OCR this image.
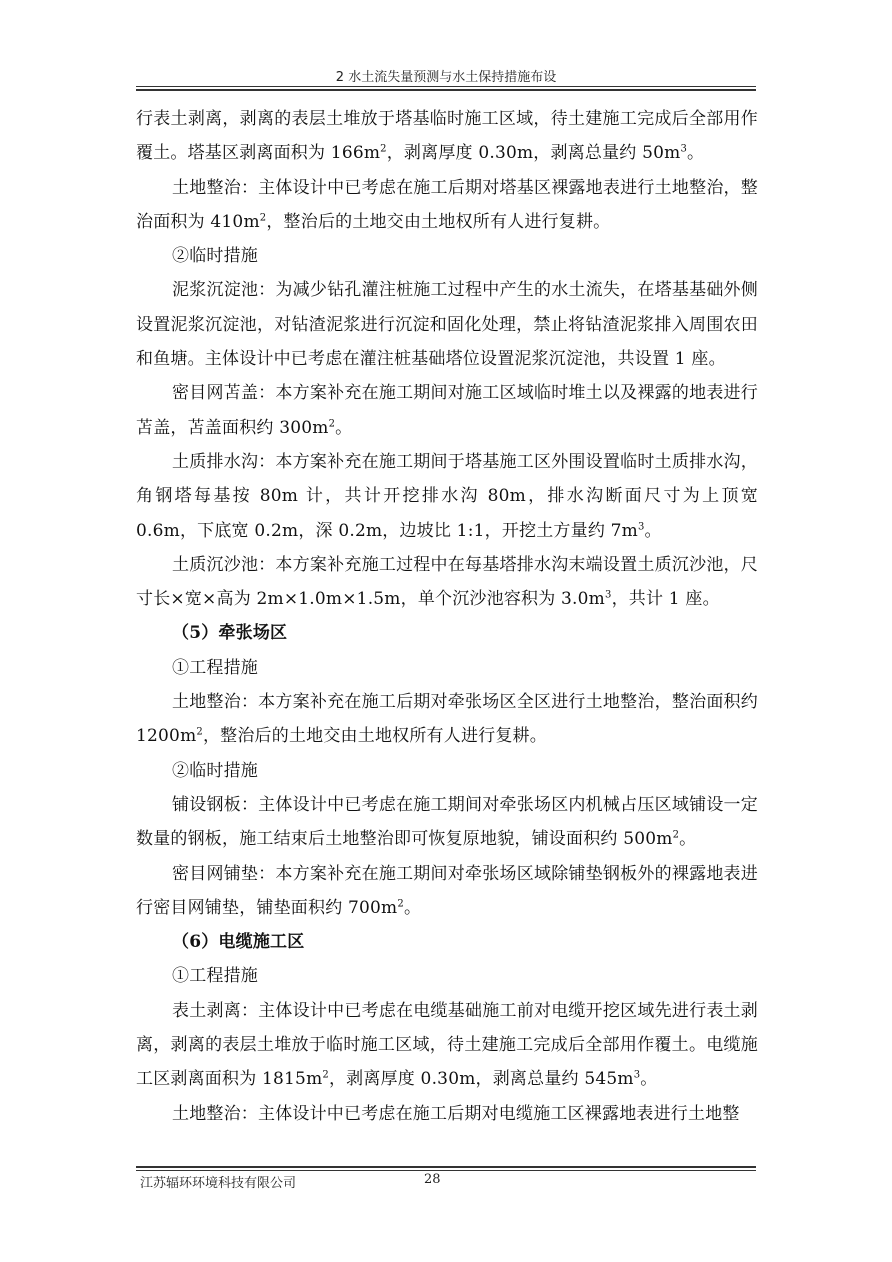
2 水土流失量预测与水土保持措施布设

行表土剥离，剥离的表层土堆放于塔基临时施工区域，待土建施工完成后全部用作覆土。塔基区剥离面积为 $166m^2$，剥离厚度 0.30m，剥离总量约 $50m^3$。

土地整治：主体设计中已考虑在施工后期对塔基区裸露地表进行土地整治，整治面积为 $410m^2$，整治后的土地交由土地权所有人进行复耕。

②临时措施

泥浆沉淀池：为减少钻孔灌注桩施工过程中产生的水土流失，在塔基基础外侧设置泥浆沉淀池，对钻渣泥浆进行沉淀和固化处理，禁止将钻渣泥浆排入周围农田和鱼塘。主体设计中已考虑在灌注桩基础塔位设置泥浆沉淀池，共设置 1 座。

密目网苫盖：本方案补充在施工期间对施工区域临时堆土以及裸露的地表进行苫盖，苫盖面积约 $300m^2$。

土质排水沟：本方案补充在施工期间于塔基施工区外围设置临时土质排水沟，角钢塔每基按 80m 计，共计开挖排水沟 80m，排水沟断面尺寸为上顶宽 0.6m，下底宽 0.2m，深 0.2m，边坡比 1:1，开挖土方量约 $7m^3$。

土质沉沙池：本方案补充施工过程中在每基塔排水沟末端设置土质沉沙池，尺寸长×宽×高为 2m×1.0m×1.5m，单个沉沙池容积为 $3.0m^3$，共计 1 座。

（5）牵张场区

①工程措施

土地整治：本方案补充在施工后期对牵张场区全区进行土地整治，整治面积约 $1200m^2$，整治后的土地交由土地权所有人进行复耕。

②临时措施

铺设钢板：主体设计中已考虑在施工期间对牵张场区内机械占压区域铺设一定数量的钢板，施工结束后土地整治即可恢复原地貌，铺设面积约 $500m^2$。

密目网铺垫：本方案补充在施工期间对牵张场区域除铺垫钢板外的裸露地表进行密目网铺垫，铺垫面积约 $700m^2$。

（6）电缆施工区

①工程措施

表土剥离：主体设计中已考虑在电缆基础施工前对电缆开挖区域先进行表土剥离，剥离的表层土堆放于临时施工区域，待土建施工完成后全部用作覆土。电缆施工区剥离面积为 $1815m^2$，剥离厚度 0.30m，剥离总量约 $545m^3$。

土地整治：主体设计中已考虑在施工后期对电缆施工区裸露地表进行土地整

江苏辐环环境科技有限公司	28
